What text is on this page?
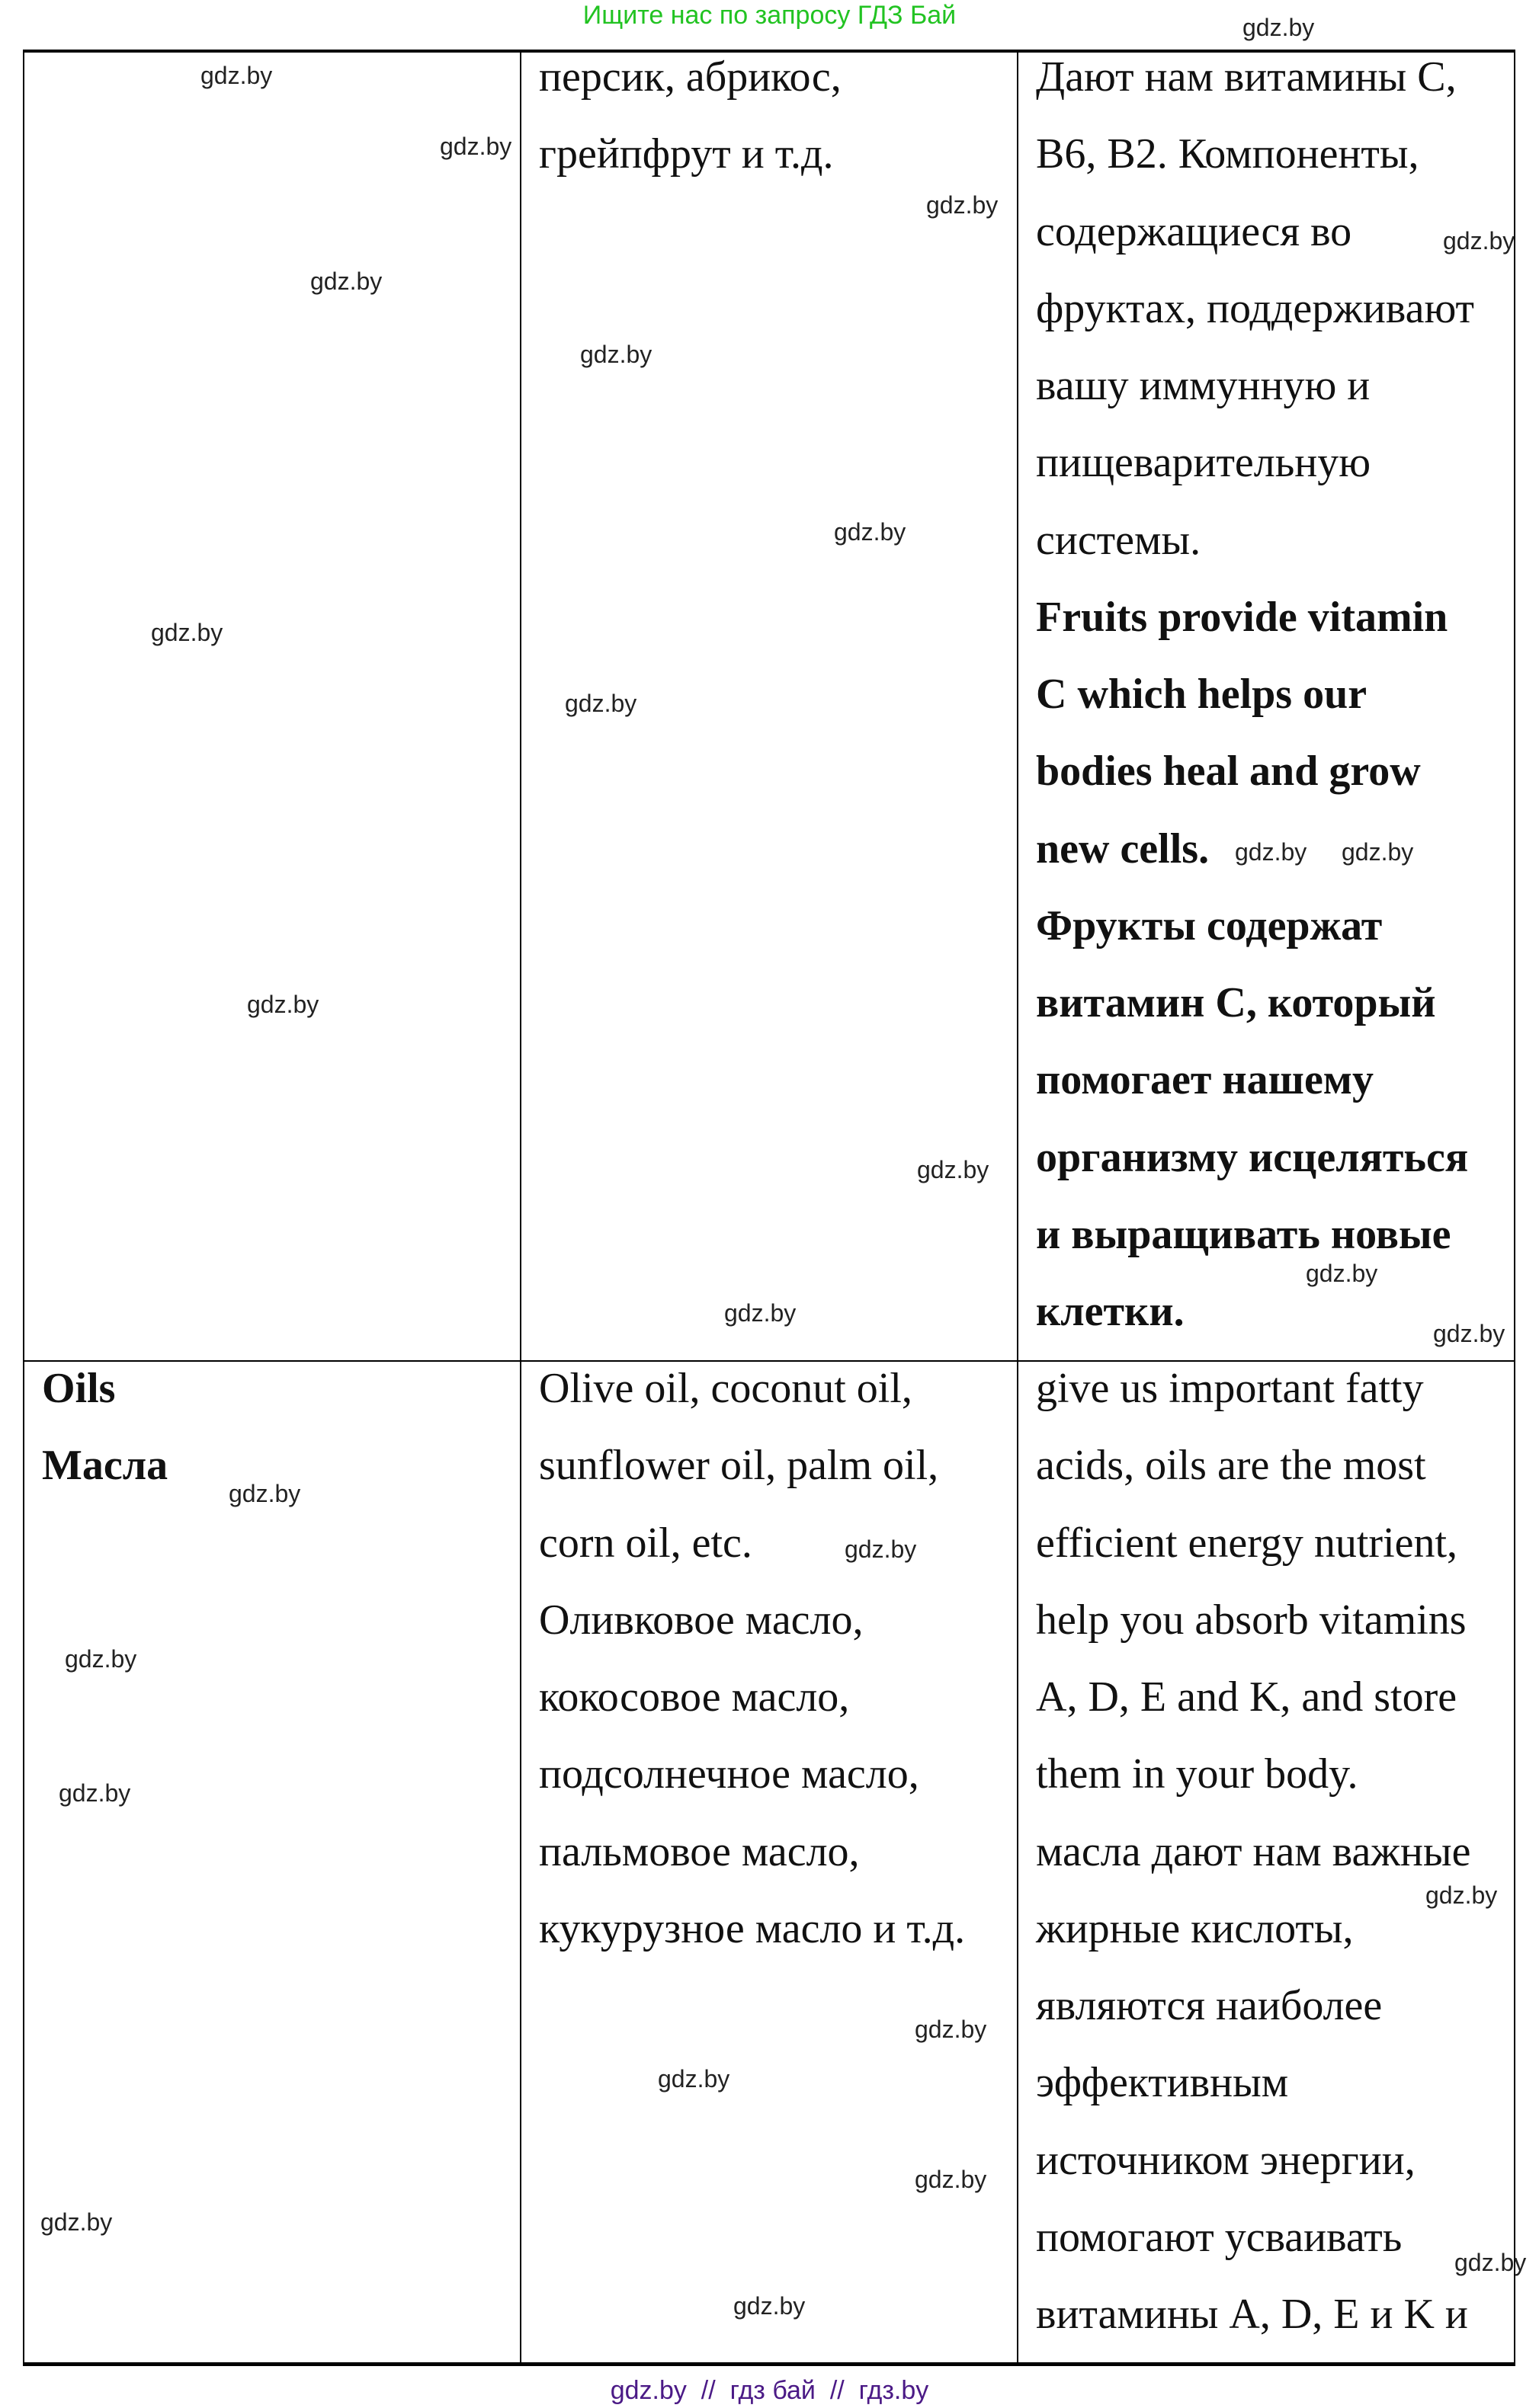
Ищите нас по запросу ГДЗ Бай
персик, абрикос,
грейпфрут и т.д.
Дают нам витамины С,
В6, В2. Компоненты,
содержащиеся во
фруктах, поддерживают
вашу иммунную и
пищеварительную
системы.
Fruits provide vitamin
C which helps our
bodies heal and grow
new cells.
Фрукты содержат
витамин С, который
помогает нашему
организму исцеляться
и выращивать новые
клетки.
Oils
Масла
Olive oil, coconut oil,
sunflower oil, palm oil,
corn oil, etc.
Оливковое масло,
кокосовое масло,
подсолнечное масло,
пальмовое масло,
кукурузное масло и т.д.
give us important fatty
acids, oils are the most
efficient energy nutrient,
help you absorb vitamins
A, D, E and K, and store
them in your body.
масла дают нам важные
жирные кислоты,
являются наиболее
эффективным
источником энергии,
помогают усваивать
витамины A, D, E и K и
gdz.by
gdz.by
gdz.by
gdz.by
gdz.by
gdz.by
gdz.by
gdz.by
gdz.by gdz.by
gdz.by
gdz.by
gdz.by
gdz.by
gdz.by
gdz.by
gdz.by
gdz.by
gdz.by
gdz.by
gdz.by
gdz.by
gdz.by
gdz.by
gdz.by
gdz.by
gdz.by
gdz.by
gdz.by  //  гдз бай  //  гдз.by
